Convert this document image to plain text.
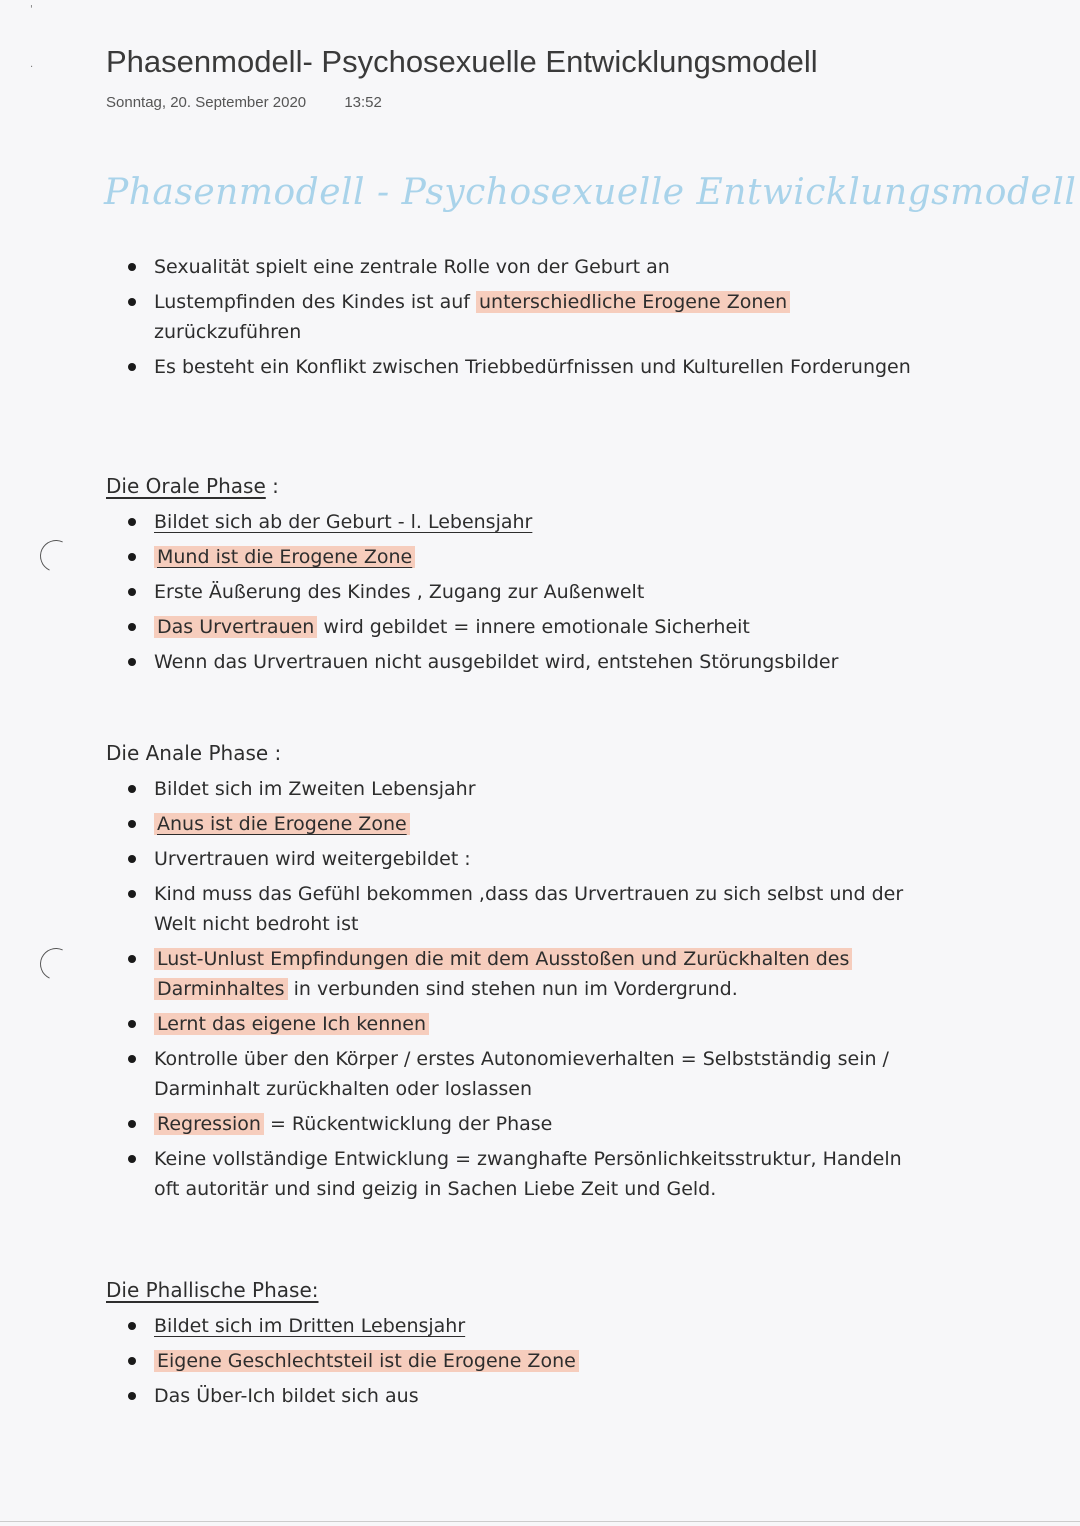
'
· Phasenmodell- Psychosexuelle Entwicklungsmodell
Sonntag, 20. September 2020	13:52
Phasenmodell - Psychosexuelle Entwicklungsmodell
Sexualität spielt eine zentrale Rolle von der Geburt an
Lustempfinden des Kindes ist auf unterschiedliche Erogene Zonen zurückzuführen
Es besteht ein Konflikt zwischen Triebbedürfnissen und Kulturellen Forderungen
Die Orale Phase :
Bildet sich ab der Geburt - l. Lebensjahr
Mund ist die Erogene Zone
Erste Äußerung des Kindes , Zugang zur Außenwelt
Das Urvertrauen wird gebildet = innere emotionale Sicherheit
Wenn das Urvertrauen nicht ausgebildet wird, entstehen Störungsbilder
Die Anale Phase :
Bildet sich im Zweiten Lebensjahr
Anus ist die Erogene Zone
Urvertrauen wird weitergebildet :
Kind muss das Gefühl bekommen ,dass das Urvertrauen zu sich selbst und der Welt nicht bedroht ist
Lust-Unlust Empfindungen die mit dem Ausstoßen und Zurückhalten des Darminhaltes in verbunden sind stehen nun im Vordergrund.
Lernt das eigene Ich kennen
Kontrolle über den Körper / erstes Autonomieverhalten = Selbstständig sein / Darminhalt zurückhalten oder loslassen
Regression = Rückentwicklung der Phase
Keine vollständige Entwicklung = zwanghafte Persönlichkeitsstruktur, Handeln oft autoritär und sind geizig in Sachen Liebe Zeit und Geld.
Die Phallische Phase:
Bildet sich im Dritten Lebensjahr
Eigene Geschlechtsteil ist die Erogene Zone
Das Über-Ich bildet sich aus
